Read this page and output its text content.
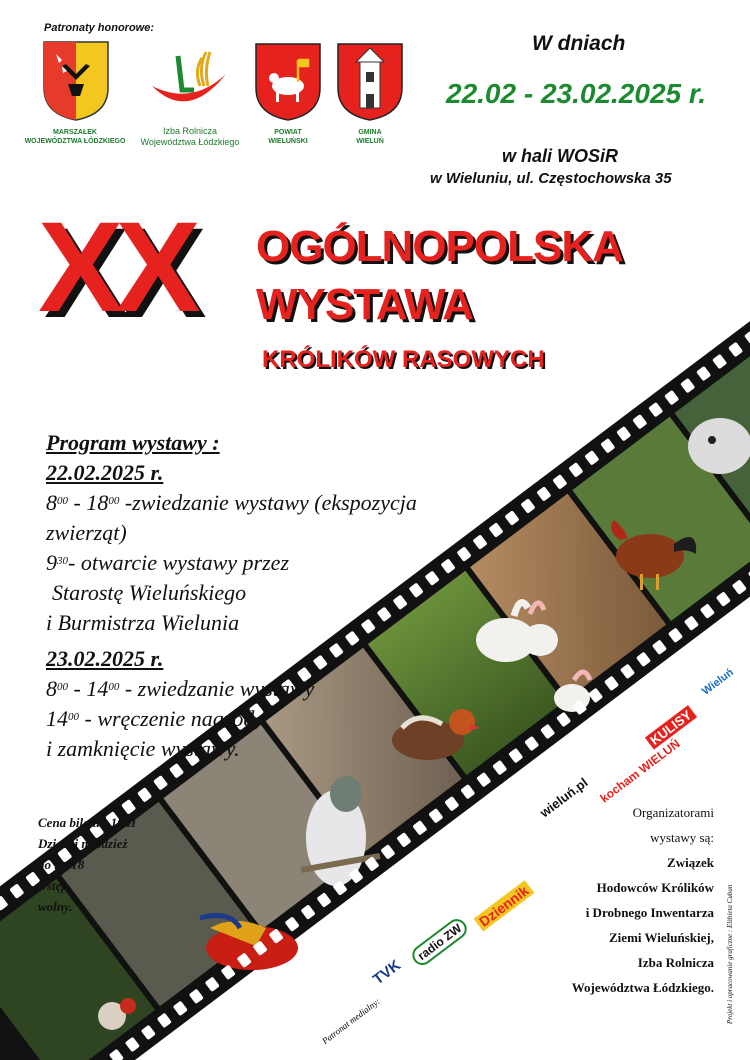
Patronaty honorowe:
MARSZAŁEK
WOJEWÓDZTWA ŁÓDZKIEGO
Izba Rolnicza
Województwa Łódzkiego
POWIAT
WIELUŃSKI
GMINA
WIELUŃ
W dniach
22.02 - 23.02.2025 r.
w hali WOSiR
w Wieluniu, ul. Częstochowska 35
XX OGÓLNOPOLSKA
WYSTAWA
KRÓLIKÓW RASOWYCH
Program wystawy :
22.02.2025 r.
$8^{00} - 18^{00}$ -zwiedzanie wystawy (ekspozycja
zwierząt)
$9^{30}-$ otwarcie wystawy przez
Starostę Wieluńskiego
i Burmistrza Wielunia
23.02.2025 r.
$8^{00} - 14^{00}$ - zwiedzanie wystawy
$14^{00}$ - wręczenie nagród,
i zamknięcie wystawy.
Cena biletu - 10 zł
Dzieci i młodzież
do lat 18
wstęp
wolny.
Patronat medialny:
TVK
radio ZW
Dziennik
wieluń.pl kocham WIELUŃ
KULISY
Wieluń
Organizatorami
wystawy są:
Związek
Hodowców Królików
i Drobnego Inwentarza
Ziemi Wieluńskiej,
Izba Rolnicza
Województwa Łódzkiego. Projekt i opracowanie graficzne : Elżbieta Cuban
